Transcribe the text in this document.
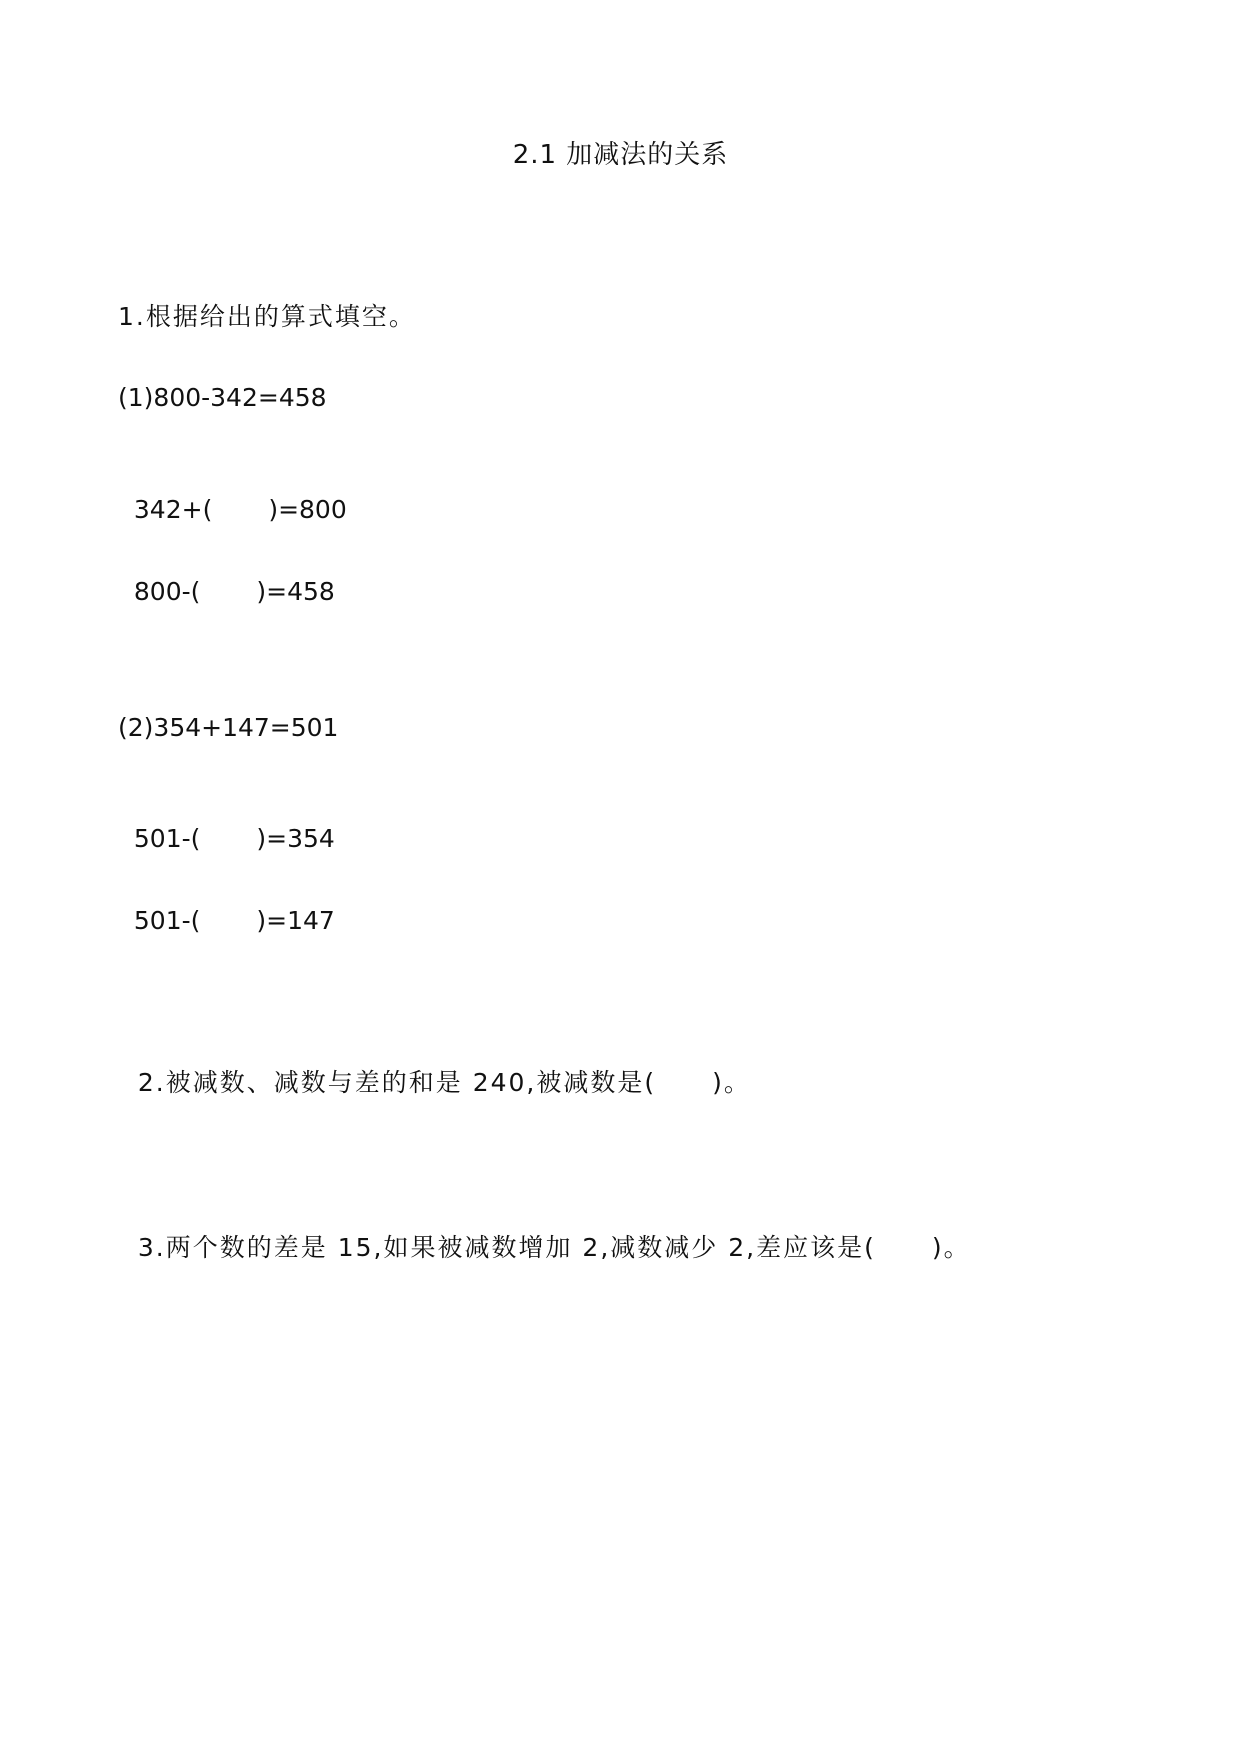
2.1 加减法的关系
1.根据给出的算式填空。
(1)800-342=458

342+( )=800

800-( )=458

(2)354+147=501

501-( )=354

501-( )=147

2.被减数、减数与差的和是 240,被减数是( )。

3.两个数的差是 15,如果被减数增加 2,减数减少 2,差应该是( )。
